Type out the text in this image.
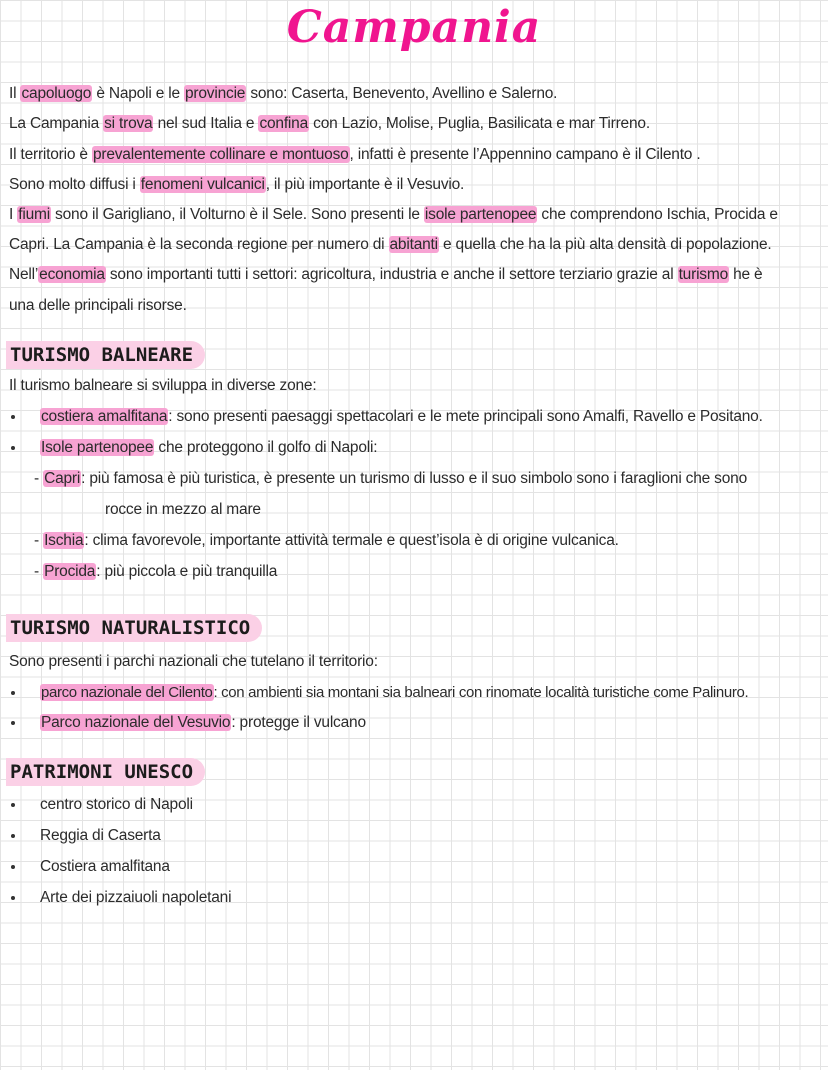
Campania
Il capoluogo è Napoli e le provincie sono: Caserta, Benevento, Avellino e Salerno.
La Campania si trova nel sud Italia e confina con Lazio, Molise, Puglia, Basilicata e mar Tirreno.
Il territorio è prevalentemente collinare e montuoso, infatti è presente l’Appennino campano è il Cilento .
Sono molto diffusi i fenomeni vulcanici, il più importante è il Vesuvio.
I fiumi sono il Garigliano, il Volturno è il Sele. Sono presenti le isole partenopee che comprendono Ischia, Procida e
Capri. La Campania è la seconda regione per numero di abitanti e quella che ha la più alta densità di popolazione.
Nell’economia sono importanti tutti i settori: agricoltura, industria e anche il settore terziario grazie al turismo he è
una delle principali risorse.
TURISMO BALNEARE
Il turismo balneare si sviluppa in diverse zone:
costiera amalfitana: sono presenti paesaggi spettacolari e le mete principali sono Amalfi, Ravello e Positano.
Isole partenopee che proteggono il golfo di Napoli:
- Capri: più famosa è più turistica, è presente un turismo di lusso e il suo simbolo sono i faraglioni che sono
rocce in mezzo al mare
- Ischia: clima favorevole, importante attività termale e quest’isola è di origine vulcanica.
- Procida: più piccola e più tranquilla
TURISMO NATURALISTICO
Sono presenti i parchi nazionali che tutelano il territorio:
parco nazionale del Cilento: con ambienti sia montani sia balneari con rinomate località turistiche come Palinuro.
Parco nazionale del Vesuvio: protegge il vulcano
PATRIMONI UNESCO
centro storico di Napoli
Reggia di Caserta
Costiera amalfitana
Arte dei pizzaiuoli napoletani
